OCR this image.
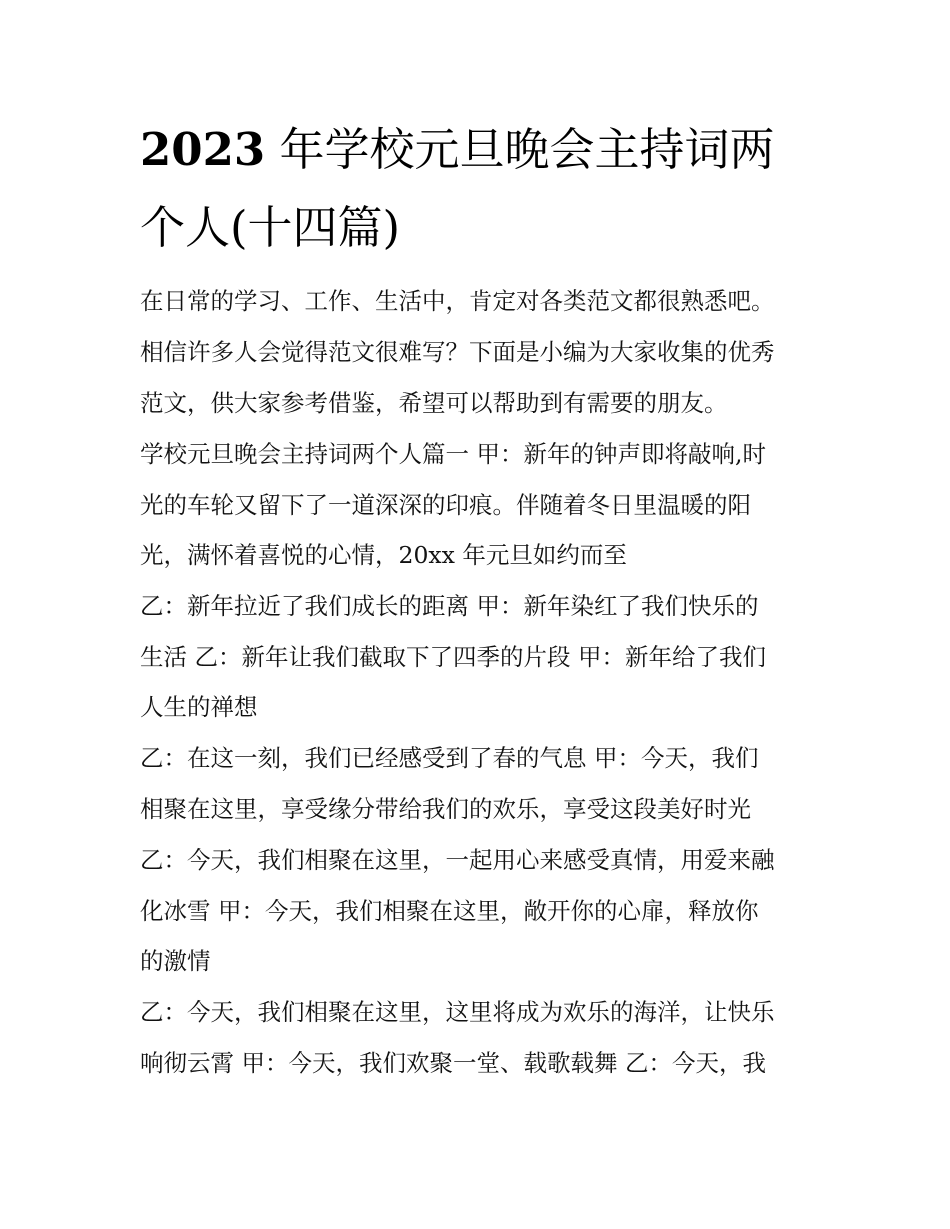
2023 年学校元旦晚会主持词两
个人(十四篇)
在日常的学习、工作、生活中，肯定对各类范文都很熟悉吧。
相信许多人会觉得范文很难写？下面是小编为大家收集的优秀
范文，供大家参考借鉴，希望可以帮助到有需要的朋友。
学校元旦晚会主持词两个人篇一 甲：新年的钟声即将敲响,时
光的车轮又留下了一道深深的印痕。伴随着冬日里温暖的阳
光，满怀着喜悦的心情，20xx 年元旦如约而至
乙：新年拉近了我们成长的距离 甲：新年染红了我们快乐的
生活 乙：新年让我们截取下了四季的片段 甲：新年给了我们
人生的禅想
乙：在这一刻，我们已经感受到了春的气息 甲：今天，我们
相聚在这里，享受缘分带给我们的欢乐，享受这段美好时光
乙：今天，我们相聚在这里，一起用心来感受真情，用爱来融
化冰雪 甲：今天，我们相聚在这里，敞开你的心扉，释放你
的激情
乙：今天，我们相聚在这里，这里将成为欢乐的海洋，让快乐
响彻云霄 甲：今天，我们欢聚一堂、载歌载舞 乙：今天，我
